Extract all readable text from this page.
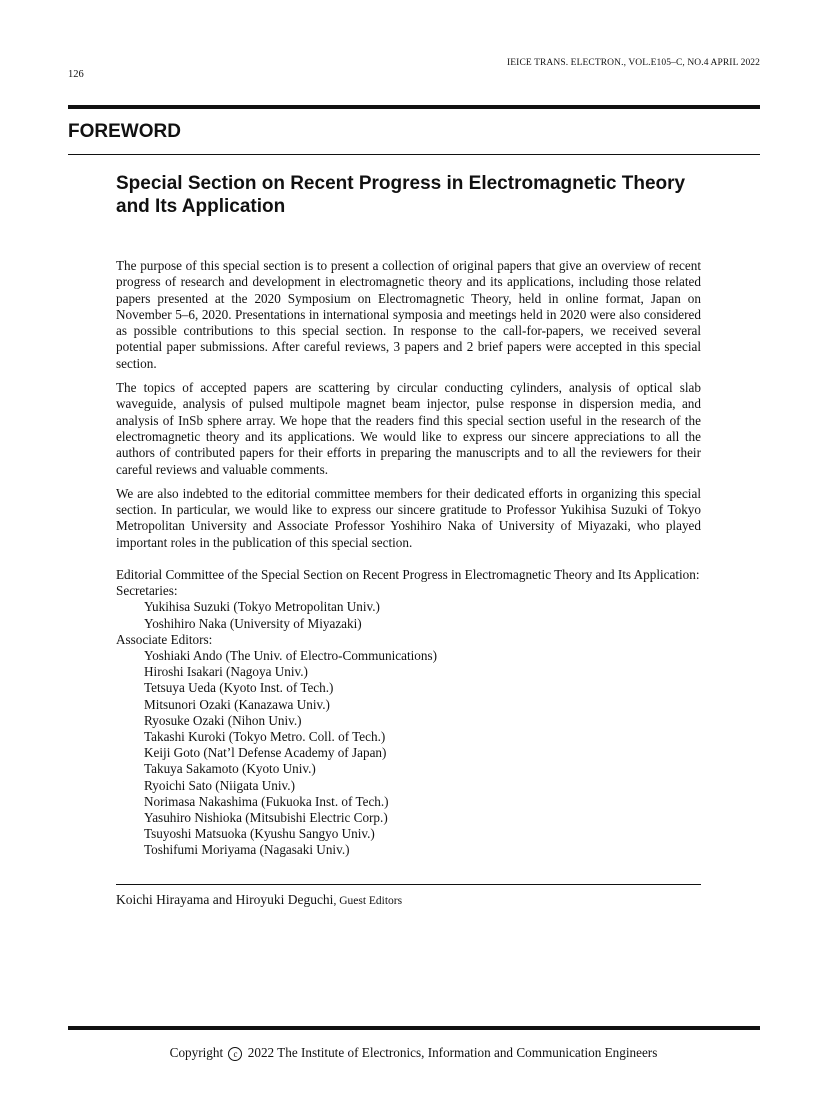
IEICE TRANS. ELECTRON., VOL.E105–C, NO.4 APRIL 2022
126
FOREWORD
Special Section on Recent Progress in Electromagnetic Theory
and Its Application

The purpose of this special section is to present a collection of original papers that give an overview of recent progress of research and development in electromagnetic theory and its applications, including those related papers presented at the 2020 Symposium on Electromagnetic Theory, held in online format, Japan on November 5–6, 2020. Presentations in international symposia and meetings held in 2020 were also considered as possible contributions to this special section. In response to the call-for-papers, we received several potential paper submissions. After careful reviews, 3 papers and 2 brief papers were accepted in this special section.

The topics of accepted papers are scattering by circular conducting cylinders, analysis of optical slab waveguide, analysis of pulsed multipole magnet beam injector, pulse response in dispersion media, and analysis of InSb sphere array. We hope that the readers find this special section useful in the research of the electromagnetic theory and its applications. We would like to express our sincere appreciations to all the authors of contributed papers for their efforts in preparing the manuscripts and to all the reviewers for their careful reviews and valuable comments.

We are also indebted to the editorial committee members for their dedicated efforts in organizing this special section. In particular, we would like to express our sincere gratitude to Professor Yukihisa Suzuki of Tokyo Metropolitan University and Associate Professor Yoshihiro Naka of University of Miyazaki, who played important roles in the publication of this special section.

Editorial Committee of the Special Section on Recent Progress in Electromagnetic Theory and Its Application:

Secretaries:

Yukihisa Suzuki (Tokyo Metropolitan Univ.)

Yoshihiro Naka (University of Miyazaki)

Associate Editors:

Yoshiaki Ando (The Univ. of Electro-Communications)

Hiroshi Isakari (Nagoya Univ.)

Tetsuya Ueda (Kyoto Inst. of Tech.)

Mitsunori Ozaki (Kanazawa Univ.)

Ryosuke Ozaki (Nihon Univ.)

Takashi Kuroki (Tokyo Metro. Coll. of Tech.)

Keiji Goto (Nat’l Defense Academy of Japan)

Takuya Sakamoto (Kyoto Univ.)

Ryoichi Sato (Niigata Univ.)

Norimasa Nakashima (Fukuoka Inst. of Tech.)

Yasuhiro Nishioka (Mitsubishi Electric Corp.)

Tsuyoshi Matsuoka (Kyushu Sangyo Univ.)

Toshifumi Moriyama (Nagasaki Univ.)

Koichi Hirayama and Hiroyuki Deguchi, Guest Editors
Copyright c 2022 The Institute of Electronics, Information and Communication Engineers
